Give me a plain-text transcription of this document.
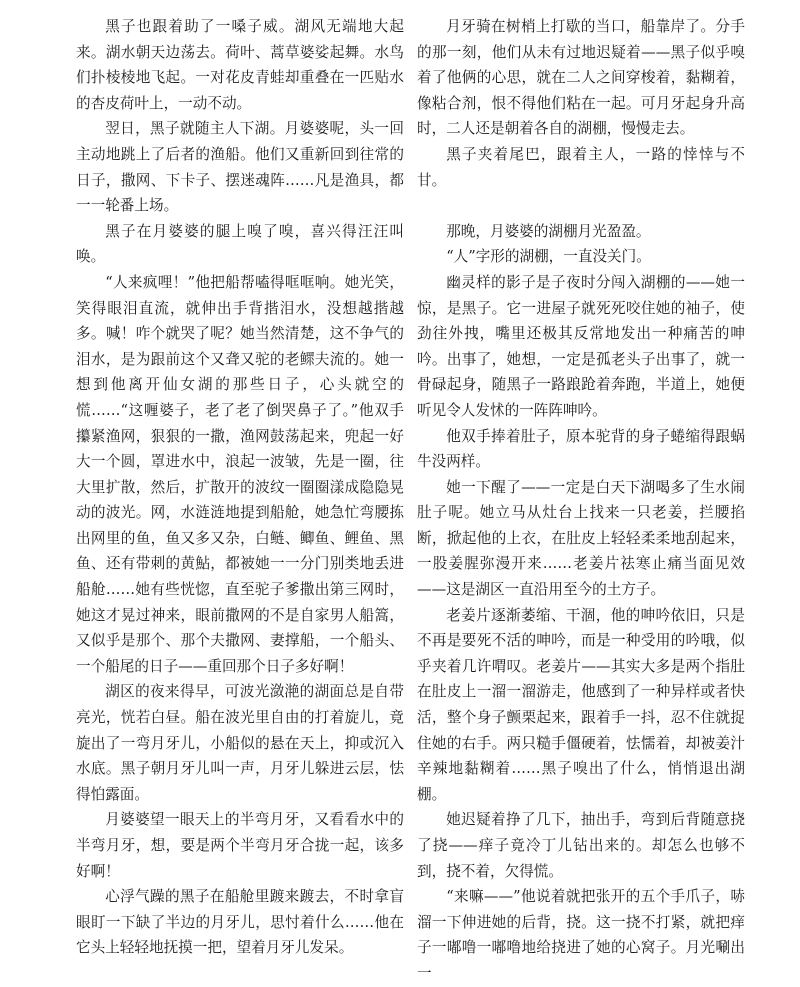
黑子也跟着助了一嗓子威。湖风无端地大起来。湖水朝天边荡去。荷叶、蒿草婆娑起舞。水鸟们扑棱棱地飞起。一对花皮青蛙却重叠在一匹贴水的杏皮荷叶上，一动不动。

翌日，黑子就随主人下湖。月婆婆呢，头一回主动地跳上了后者的渔船。他们又重新回到往常的日子，撒网、下卡子、摆迷魂阵……凡是渔具，都一一轮番上场。

黑子在月婆婆的腿上嗅了嗅，喜兴得汪汪叫唤。

“人来疯哩！”他把船帮嗑得哐哐响。她光笑，笑得眼泪直流，就伸出手背揩泪水，没想越揩越多。喊！咋个就哭了呢？她当然清楚，这不争气的泪水，是为跟前这个又聋又驼的老鳏夫流的。她一想到他离开仙女湖的那些日子，心头就空的慌……“这喱婆子，老了老了倒哭鼻子了。”他双手攥紧渔网，狠狠的一撒，渔网鼓荡起来，兜起一好大一个圆，罩进水中，浪起一波皱，先是一圈，往大里扩散，然后，扩散开的波纹一圈圈漾成隐隐晃动的波光。网，水涟涟地提到船舱，她急忙弯腰拣出网里的鱼，鱼又多又杂，白鲢、鲫鱼、鲤鱼、黑鱼、还有带刺的黄鮎，都被她一一分门别类地丢进船舱……她有些恍惚，直至驼子爹撒出第三网时，她这才晃过神来，眼前撒网的不是自家男人船篙，又似乎是那个、那个夫撒网、妻撑船，一个船头、一个船尾的日子——重回那个日子多好啊！

湖区的夜来得早，可波光潋滟的湖面总是自带亮光，恍若白昼。船在波光里自由的打着旋儿，竟旋出了一弯月牙儿，小船似的悬在天上，抑或沉入水底。黑子朝月牙儿叫一声，月牙儿躲进云层，怯得怕露面。

月婆婆望一眼天上的半弯月牙，又看看水中的半弯月牙，想，要是两个半弯月牙合拢一起，该多好啊！

心浮气躁的黑子在船舱里踱来踱去，不时拿盲眼盯一下缺了半边的月牙儿，思忖着什么……他在它头上轻轻地抚摸一把，望着月牙儿发呆。

月牙骑在树梢上打歇的当口，船靠岸了。分手的那一刻，他们从未有过地迟疑着——黑子似乎嗅着了他俩的心思，就在二人之间穿梭着，黏糊着，像粘合剂，恨不得他们粘在一起。可月牙起身升高时，二人还是朝着各自的湖棚，慢慢走去。

黑子夹着尾巴，跟着主人，一路的悻悻与不甘。

那晚，月婆婆的湖棚月光盈盈。

“人”字形的湖棚，一直没关门。

幽灵样的影子是子夜时分闯入湖棚的——她一惊，是黑子。它一进屋子就死死咬住她的袖子，使劲往外拽，嘴里还极其反常地发出一种痛苦的呻吟。出事了，她想，一定是孤老头子出事了，就一骨碌起身，随黑子一路踉跄着奔跑，半道上，她便听见令人发怵的一阵阵呻吟。

他双手捧着肚子，原本驼背的身子蜷缩得跟蜗牛没两样。

她一下醒了——一定是白天下湖喝多了生水闹肚子呢。她立马从灶台上找来一只老姜，拦腰掐断，掀起他的上衣，在肚皮上轻轻柔柔地刮起来，一股姜腥弥漫开来……老姜片祛寒止痛当面见效——这是湖区一直沿用至今的土方子。

老姜片逐渐萎缩、干涸，他的呻吟依旧，只是不再是要死不活的呻吟，而是一种受用的吟哦，似乎夹着几许喟叹。老姜片——其实大多是两个指肚在肚皮上一溜一溜游走，他感到了一种异样或者快活，整个身子颤栗起来，跟着手一抖，忍不住就捉住她的右手。两只糙手僵硬着，怯懦着，却被姜汁辛辣地黏糊着……黑子嗅出了什么，悄悄退出湖棚。

她迟疑着挣了几下，抽出手，弯到后背随意挠了挠——痒子竟冷丁儿钻出来的。却怎么也够不到，挠不着，欠得慌。

“来嘛——”他说着就把张开的五个手爪子，哧溜一下伸进她的后背，挠。这一挠不打紧，就把痒子一嘟噜一嘟噜地给挠进了她的心窝子。月光唰出一
